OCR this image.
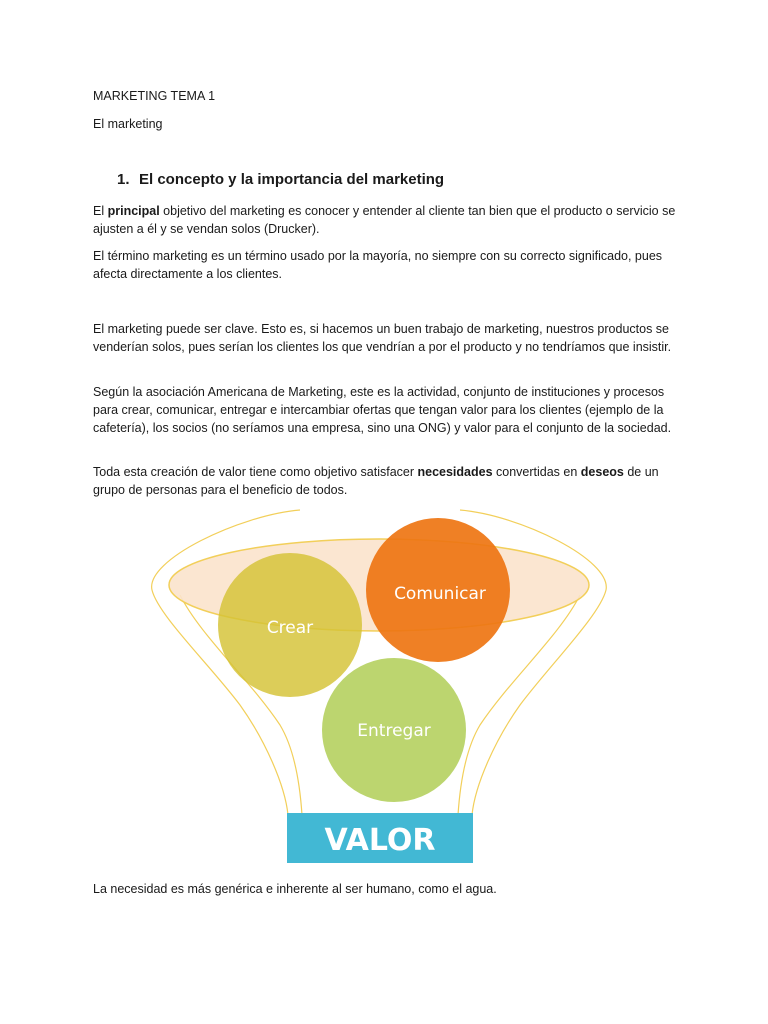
MARKETING TEMA 1
El marketing
1. El concepto y la importancia del marketing

El principal objetivo del marketing es conocer y entender al cliente tan bien que el producto o servicio se ajusten a él y se vendan solos (Drucker).

El término marketing es un término usado por la mayoría, no siempre con su correcto significado, pues afecta directamente a los clientes.

El marketing puede ser clave. Esto es, si hacemos un buen trabajo de marketing, nuestros productos se venderían solos, pues serían los clientes los que vendrían a por el producto y no tendríamos que insistir.

Según la asociación Americana de Marketing, este es la actividad, conjunto de instituciones y procesos para crear, comunicar, entregar e intercambiar ofertas que tengan valor para los clientes (ejemplo de la cafetería), los socios (no seríamos una empresa, sino una ONG) y valor para el conjunto de la sociedad.

Toda esta creación de valor tiene como objetivo satisfacer necesidades convertidas en deseos de un grupo de personas para el beneficio de todos.

Crear
Comunicar
Entregar
VALOR
La necesidad es más genérica e inherente al ser humano, como el agua.
